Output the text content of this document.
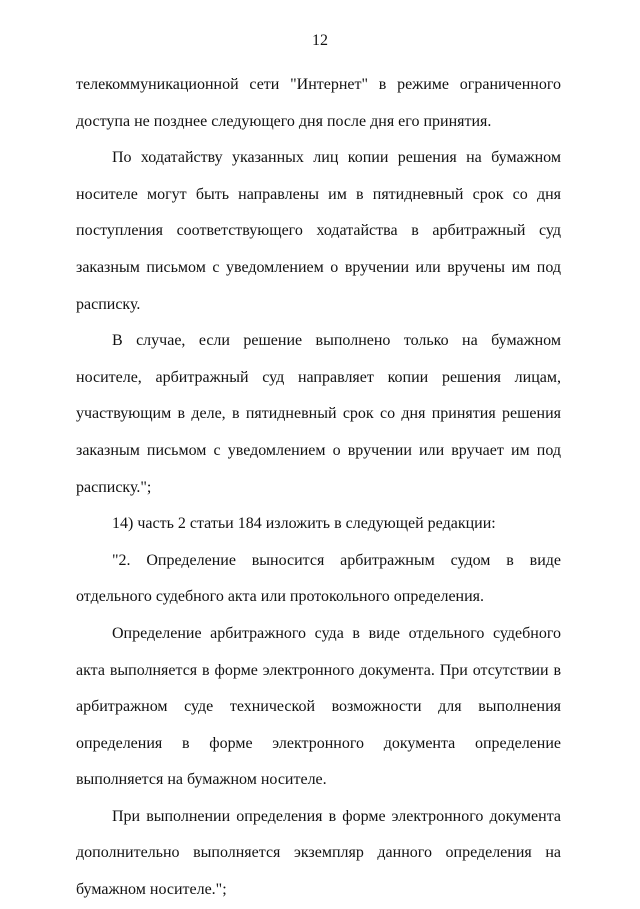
12

телекоммуникационной сети "Интернет" в режиме ограниченного доступа не позднее следующего дня после дня его принятия.

По ходатайству указанных лиц копии решения на бумажном носителе могут быть направлены им в пятидневный срок со дня поступления соответствующего ходатайства в арбитражный суд заказным письмом с уведомлением о вручении или вручены им под расписку.

В случае, если решение выполнено только на бумажном носителе, арбитражный суд направляет копии решения лицам, участвующим в деле, в пятидневный срок со дня принятия решения заказным письмом с уведомлением о вручении или вручает им под расписку.";

14) часть 2 статьи 184 изложить в следующей редакции:

"2. Определение выносится арбитражным судом в виде отдельного судебного акта или протокольного определения.

Определение арбитражного суда в виде отдельного судебного акта выполняется в форме электронного документа. При отсутствии в арбитражном суде технической возможности для выполнения определения в форме электронного документа определение выполняется на бумажном носителе.

При выполнении определения в форме электронного документа дополнительно выполняется экземпляр данного определения на бумажном носителе.";
